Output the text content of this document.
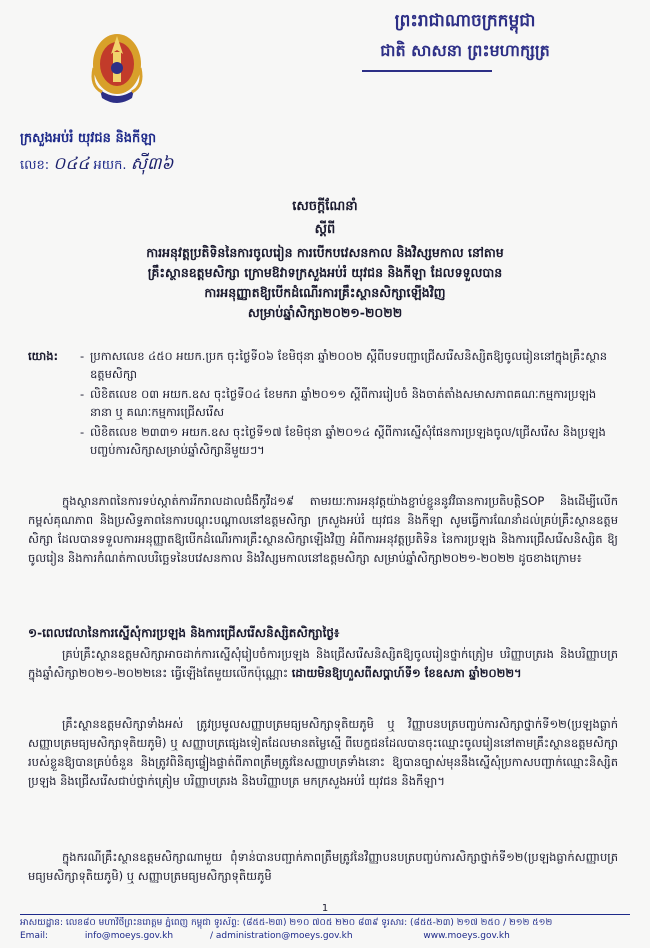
ព្រះរាជាណាចក្រកម្ពុជា
ជាតិ សាសនា ព្រះមហាក្សត្រ
ក្រសួងអប់រំ យុវជន និងកីឡា
លេខ: ០៤៤ អយក. ស៊ី៣៦
សេចក្តីណែនាំ
ស្តីពី
ការអនុវត្តប្រតិទិននៃការចូលរៀន ការបើកបវេសនកាល និងវិស្សមកាល នៅតាម
គ្រឹះស្ថានឧត្តមសិក្សា ក្រោមឱវាទក្រសួងអប់រំ យុវជន និងកីឡា ដែលទទួលបាន
ការអនុញ្ញាតឱ្យបើកដំណើរការគ្រឹះស្ថានសិក្សាឡើងវិញ
សម្រាប់ឆ្នាំសិក្សា២០២១-២០២២
យោង: - ប្រកាសលេខ ៤៥០ អយក.ប្រក ចុះថ្ងៃទី០៦ ខែមិថុនា ឆ្នាំ២០០២ ស្តីពីបទបញ្ជាជ្រើសរើសនិស្សិតឱ្យចូលរៀននៅក្នុងគ្រឹះស្ថានឧត្តមសិក្សា
- លិខិតលេខ ០៣ អយក.ឧស ចុះថ្ងៃទី០៤ ខែមករា ឆ្នាំ២០១១ ស្តីពីការរៀបចំ និងចាត់តាំងសមាសភាពគណៈកម្មការប្រឡងនានា ឬ គណៈកម្មការជ្រើសរើស
- លិខិតលេខ ២៣៣១ អយក.ឧស ចុះថ្ងៃទី១៧ ខែមិថុនា ឆ្នាំ២០១៤ ស្តីពីការស្នើសុំផែនការប្រឡងចូល/ជ្រើសរើស និងប្រឡងបញ្ចប់ការសិក្សាសម្រាប់ឆ្នាំសិក្សានីមួយៗ។

ក្នុងស្ថានភាពនៃការទប់ស្កាត់ការរីករាលដាលជំងឺកូវីដ១៩ តាមរយៈការអនុវត្តយ៉ាងខ្ជាប់ខ្ជួននូវវិធានការប្រតិបត្តិSOP និងដើម្បីលើកកម្ពស់គុណភាព និងប្រសិទ្ធភាពនៃការបណ្តុះបណ្តាលនៅឧត្តមសិក្សា ក្រសួងអប់រំ យុវជន និងកីឡា សូមធ្វើការណែនាំដល់គ្រប់គ្រឹះស្ថានឧត្តមសិក្សា ដែលបានទទួលការអនុញ្ញាតឱ្យបើកដំណើរការគ្រឹះស្ថានសិក្សាឡើងវិញ អំពីការអនុវត្តប្រតិទិន នៃការប្រឡង និងការជ្រើសរើសនិស្សិត ឱ្យចូលរៀន និងការកំណត់កាលបរិច្ឆេទនៃបវេសនកាល និងវិស្សមកាលនៅឧត្តមសិក្សា សម្រាប់ឆ្នាំសិក្សា២០២១-២០២២ ដូចខាងក្រោម៖

១-ពេលវេលានៃការស្នើសុំការប្រឡង និងការជ្រើសរើសនិស្សិតសិក្សាថ្ងៃ៖

គ្រប់គ្រឹះស្ថានឧត្តមសិក្សាអាចដាក់ការស្នើសុំរៀបចំការប្រឡង និងជ្រើសរើសនិស្សិតឱ្យចូលរៀនថ្នាក់ត្រៀម បរិញ្ញាបត្ររង និងបរិញ្ញាបត្រ ក្នុងឆ្នាំសិក្សា២០២១-២០២២នេះ ធ្វើឡើងតែមួយលើកប៉ុណ្ណោះ ដោយមិនឱ្យហួសពីសប្តាហ៍ទី១ ខែឧសភា ឆ្នាំ២០២២។

គ្រឹះស្ថានឧត្តមសិក្សាទាំងអស់ ត្រូវប្រមូលសញ្ញាបត្រមធ្យមសិក្សាទុតិយភូមិ ឬ វិញ្ញាបនបត្របញ្ចប់ការសិក្សាថ្នាក់ទី១២(ប្រឡងធ្លាក់សញ្ញាបត្រមធ្យមសិក្សាទុតិយភូមិ) ឬ សញ្ញាបត្រផ្សេងទៀតដែលមានតម្លៃស្មើ ពីបេក្ខជនដែលបានចុះឈ្មោះចូលរៀននៅតាមគ្រឹះស្ថានឧត្តមសិក្សារបស់ខ្លួនឱ្យបានគ្រប់ចំនួន និងត្រូវពិនិត្យផ្ទៀងផ្ទាត់ពីភាពត្រឹមត្រូវនៃសញ្ញាបត្រទាំងនោះ ឱ្យបានច្បាស់មុននឹងស្នើសុំប្រកាសបញ្ជាក់ឈ្មោះនិស្សិតប្រឡង និងជ្រើសរើសជាប់ថ្នាក់ត្រៀម បរិញ្ញាបត្ររង និងបរិញ្ញាបត្រ មកក្រសួងអប់រំ យុវជន និងកីឡា។

ក្នុងករណីគ្រឹះស្ថានឧត្តមសិក្សាណាមួយ ពុំទាន់បានបញ្ជាក់ភាពត្រឹមត្រូវនៃវិញ្ញាបនបត្របញ្ចប់ការសិក្សាថ្នាក់ទី១២(ប្រឡងធ្លាក់សញ្ញាបត្រមធ្យមសិក្សាទុតិយភូមិ) ឬ សញ្ញាបត្រមធ្យមសិក្សាទុតិយភូមិ

1
អាសយដ្ឋាន: លេខ៨០ មហាវិថីព្រះនរោត្តម ភ្នំពេញ កម្ពុជា ទូរស័ព្ទ: (៨៥៥-២៣) ២១០ ៧០៥ ២២០ ៨៣៩ ទូរសារ: (៨៥៥-២៣) ២១៧ ២៥០ / ២១២ ៥១២
Email:	info@moeys.gov.kh	/ administration@moeys.gov.kh	www.moeys.gov.kh
